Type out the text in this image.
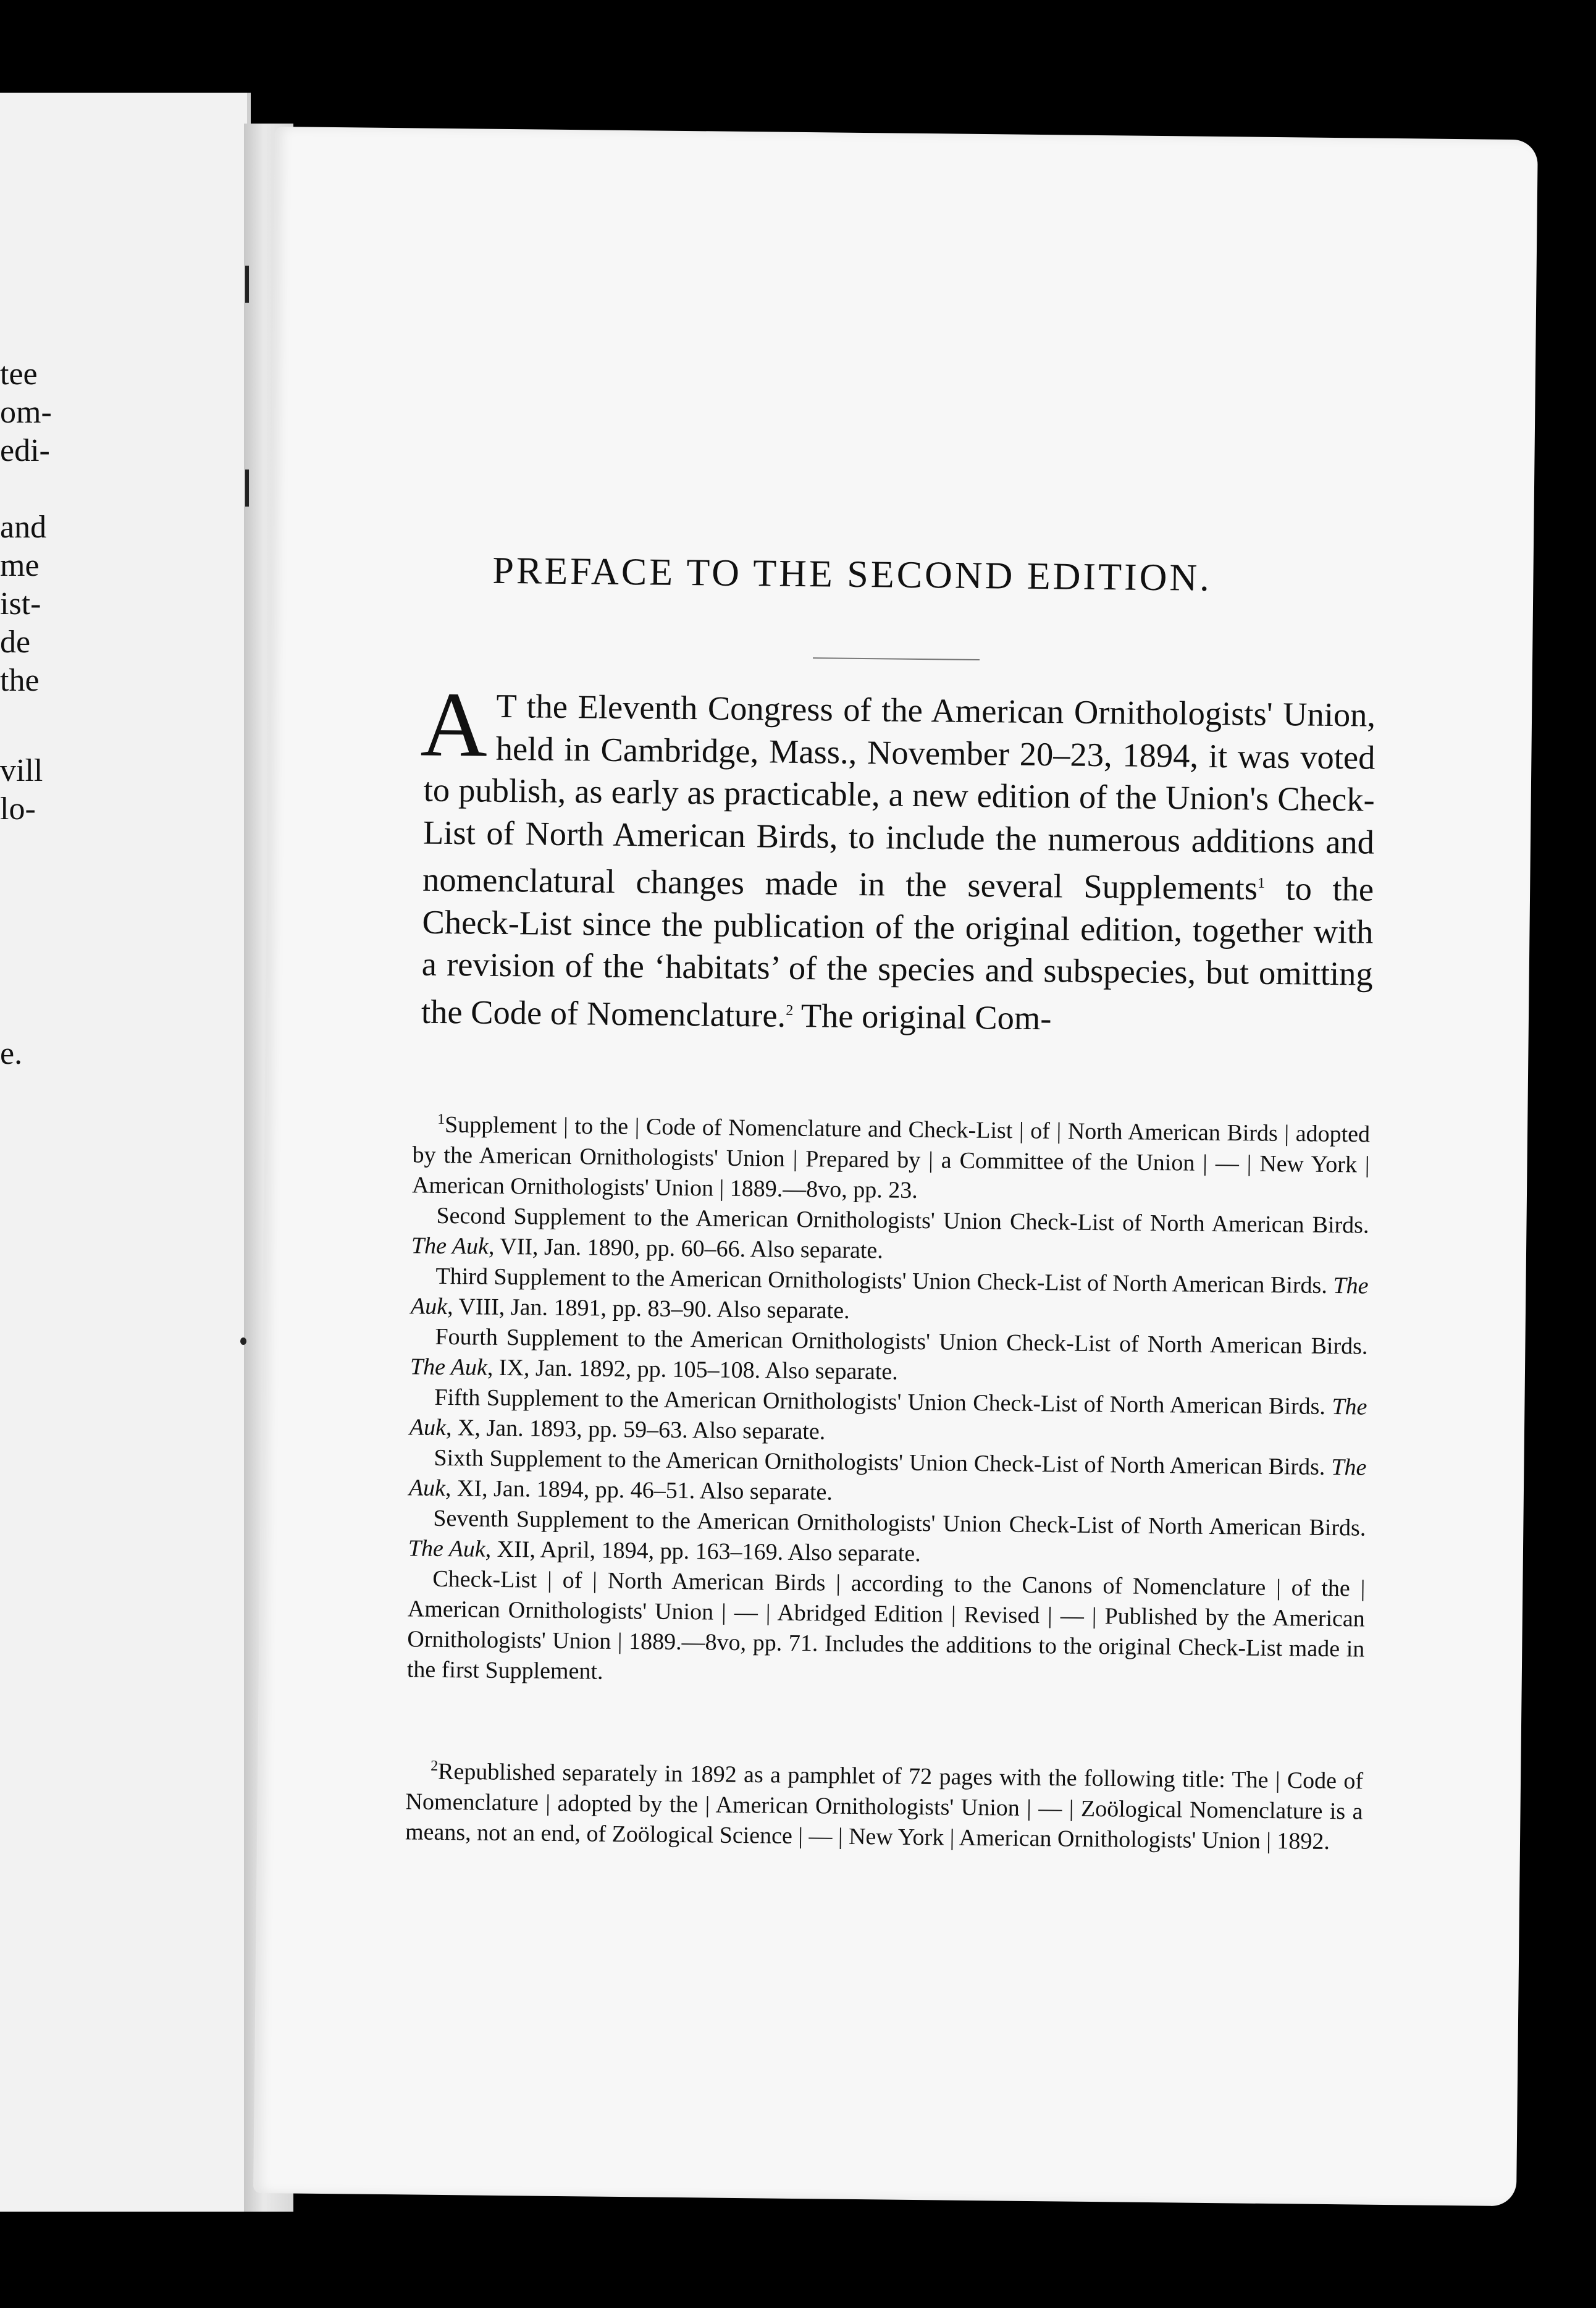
tee
om-
edi-
and
me
ist-
de
the
vill
lo-
e.
PREFACE TO THE SECOND EDITION.
A T the Eleventh Congress of the American Ornithologists' Union, held in Cambridge, Mass., November 20–23, 1894, it was voted to publish, as early as practicable, a new edition of the Union's Check-List of North American Birds, to include the numerous additions and nomenclatural changes made in the several Supplements$^1$ to the Check-List since the publication of the original edition, together with a revision of the ‘habitats’ of the species and subspecies, but omitting the Code of Nomenclature.$^2$ The original Com-

$^1$Supplement | to the | Code of Nomenclature and Check-List | of | North American Birds | adopted by the American Ornithologists' Union | Prepared by | a Committee of the Union | — | New York | American Ornithologists' Union | 1889.—8vo, pp. 23.

Second Supplement to the American Ornithologists' Union Check-List of North American Birds. The Auk, VII, Jan. 1890, pp. 60–66. Also separate.

Third Supplement to the American Ornithologists' Union Check-List of North American Birds. The Auk, VIII, Jan. 1891, pp. 83–90. Also separate.

Fourth Supplement to the American Ornithologists' Union Check-List of North American Birds. The Auk, IX, Jan. 1892, pp. 105–108. Also separate.

Fifth Supplement to the American Ornithologists' Union Check-List of North American Birds. The Auk, X, Jan. 1893, pp. 59–63. Also separate.

Sixth Supplement to the American Ornithologists' Union Check-List of North American Birds. The Auk, XI, Jan. 1894, pp. 46–51. Also separate.

Seventh Supplement to the American Ornithologists' Union Check-List of North American Birds. The Auk, XII, April, 1894, pp. 163–169. Also separate.

Check-List | of | North American Birds | according to the Canons of Nomenclature | of the | American Ornithologists' Union | — | Abridged Edition | Revised | — | Published by the American Ornithologists' Union | 1889.—8vo, pp. 71. Includes the additions to the original Check-List made in the first Supplement.

$^2$Republished separately in 1892 as a pamphlet of 72 pages with the following title: The | Code of Nomenclature | adopted by the | American Ornithologists' Union | — | Zoölogical Nomenclature is a means, not an end, of Zoölogical Science | — | New York | American Ornithologists' Union | 1892.
